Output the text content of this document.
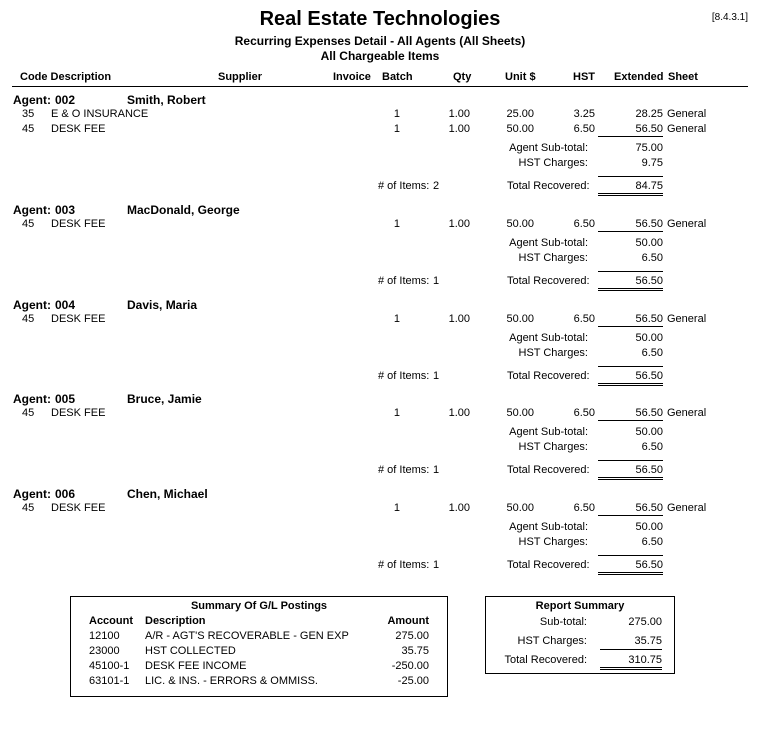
[8.4.3.1]
Real Estate Technologies
Recurring Expenses Detail - All Agents (All Sheets)
All Chargeable Items
Code Description	Supplier	Invoice Batch	Qty	Unit $	HST Extended Sheet
Agent: 002	Smith, Robert
35 E & O INSURANCE	1	1.00	25.00	3.25	28.25 General
45 DESK FEE	1	1.00	50.00	6.50	56.50 General
Agent Sub-total:	75.00
HST Charges:	9.75
# of Items: 2	Total Recovered:	84.75
Agent: 003	MacDonald, George
45 DESK FEE	1	1.00	50.00	6.50	56.50 General
Agent Sub-total:	50.00
HST Charges:	6.50
# of Items: 1	Total Recovered:	56.50
Agent: 004	Davis, Maria
45 DESK FEE	1	1.00	50.00	6.50	56.50 General
Agent Sub-total:	50.00
HST Charges:	6.50
# of Items: 1	Total Recovered:	56.50
Agent: 005	Bruce, Jamie
45 DESK FEE	1	1.00	50.00	6.50	56.50 General
Agent Sub-total:	50.00
HST Charges:	6.50
# of Items: 1	Total Recovered:	56.50
Agent: 006	Chen, Michael
45 DESK FEE	1	1.00	50.00	6.50	56.50 General
Agent Sub-total:	50.00
HST Charges:	6.50
# of Items: 1	Total Recovered:	56.50
Summary Of G/L Postings
Account Description	Amount
12100 A/R - AGT'S RECOVERABLE - GEN EXP	275.00
23000 HST COLLECTED	35.75
45100-1 DESK FEE INCOME	-250.00
63101-1 LIC. & INS. - ERRORS & OMMISS.	-25.00
Report Summary
Sub-total:	275.00
HST Charges:	35.75
Total Recovered:	310.75
